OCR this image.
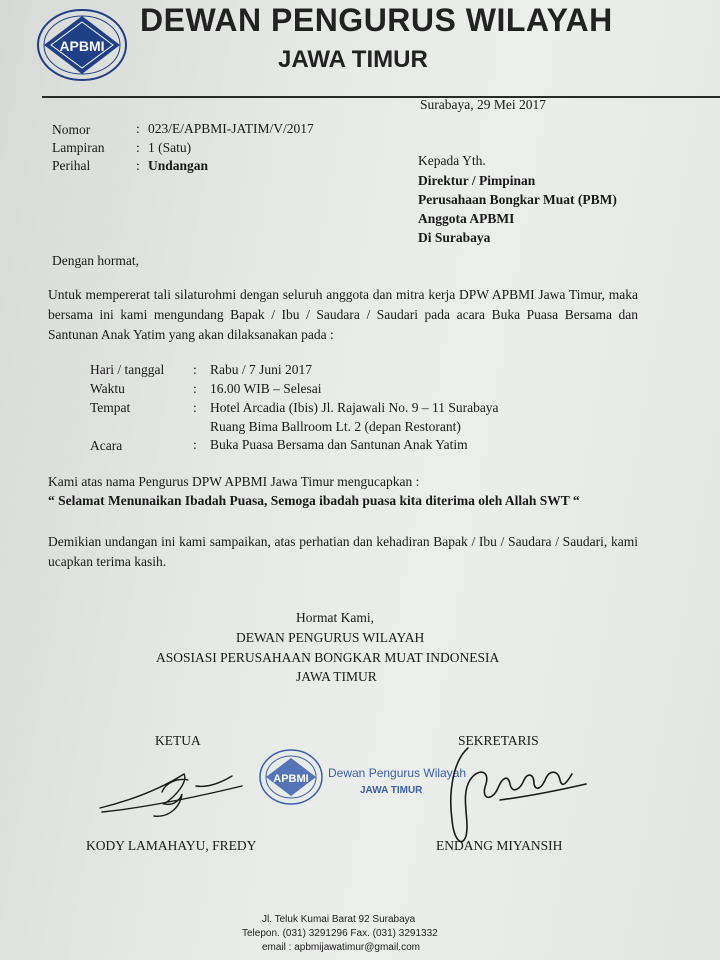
APBMI
DEWAN PENGURUS WILAYAH
JAWA TIMUR
Surabaya, 29 Mei 2017
Nomor	: 023/E/APBMI-JATIM/V/2017
Lampiran : 1 (Satu)
Perihal	: Undangan	Kepada Yth.
Direktur / Pimpinan
Perusahaan Bongkar Muat (PBM)
Anggota APBMI
Di Surabaya
Dengan hormat,
Untuk mempererat tali silaturohmi dengan seluruh anggota dan mitra kerja DPW APBMI Jawa Timur, maka bersama ini kami mengundang Bapak / Ibu / Saudara / Saudari pada acara Buka Puasa Bersama dan Santunan Anak Yatim yang akan dilaksanakan pada :
Hari / tanggal : Rabu / 7 Juni 2017
Waktu	: 16.00 WIB – Selesai
Tempat	: Hotel Arcadia (Ibis) Jl. Rajawali No. 9 – 11 Surabaya
Ruang Bima Ballroom Lt. 2 (depan Restorant)
Acara	: Buka Puasa Bersama dan Santunan Anak Yatim
Kami atas nama Pengurus DPW APBMI Jawa Timur mengucapkan :
“ Selamat Menunaikan Ibadah Puasa, Semoga ibadah puasa kita diterima oleh Allah SWT “
Demikian undangan ini kami sampaikan, atas perhatian dan kehadiran Bapak / Ibu / Saudara / Saudari, kami ucapkan terima kasih.
Hormat Kami,
DEWAN PENGURUS WILAYAH
ASOSIASI PERUSAHAAN BONGKAR MUAT INDONESIA
JAWA TIMUR
KETUA	SEKRETARIS
APBMI Dewan Pengurus Wilayah
JAWA TIMUR
KODY LAMAHAYU, FREDY	ENDANG MIYANSIH
Jl. Teluk Kumai Barat 92 Surabaya
Telepon. (031) 3291296 Fax. (031) 3291332
email : apbmijawatimur@gmail.com
